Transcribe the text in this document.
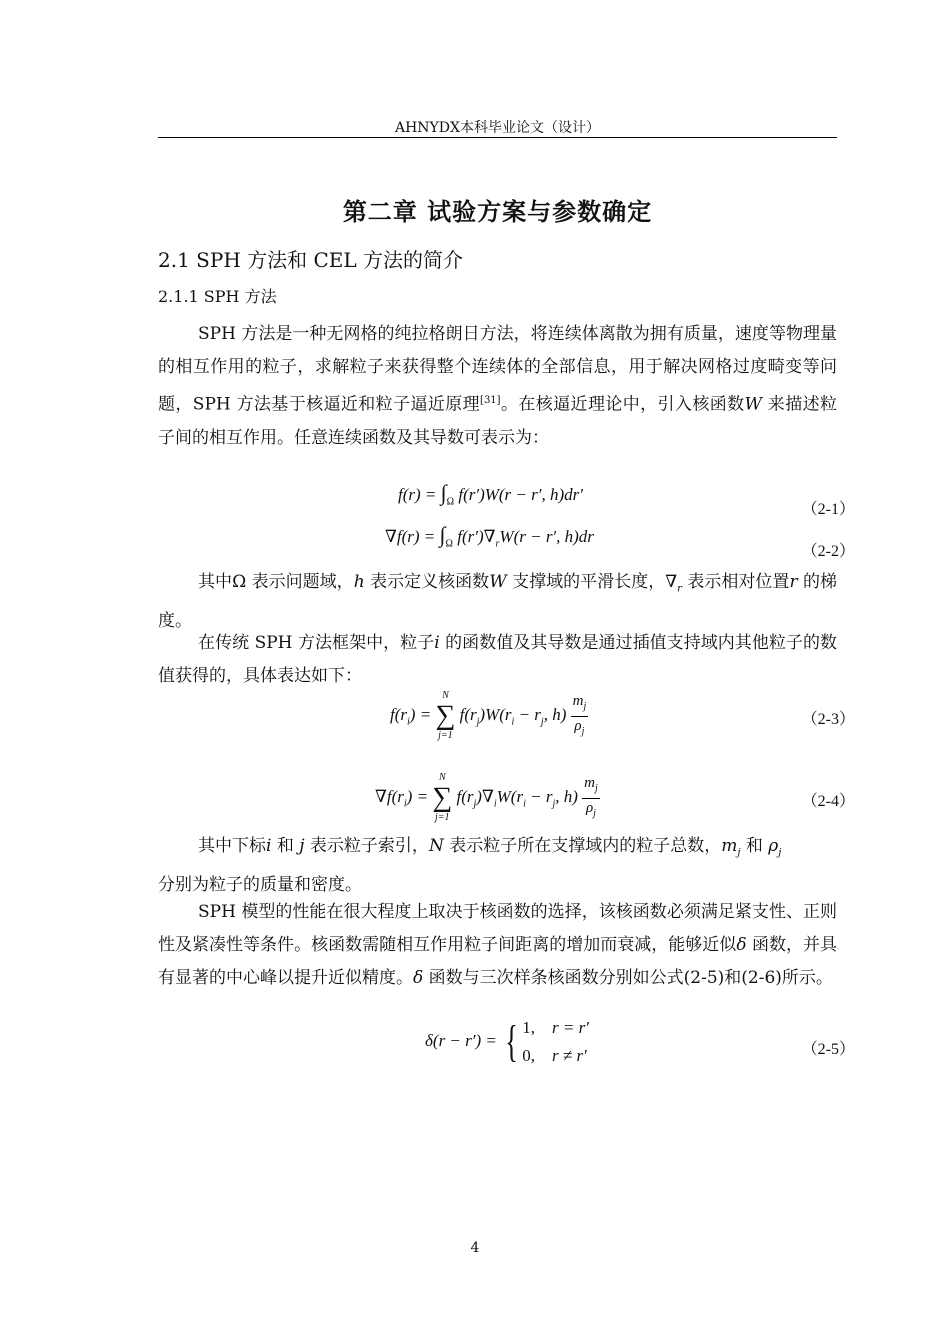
AHNYDX本科毕业论文（设计）
第二章 试验方案与参数确定
2.1 SPH 方法和 CEL 方法的简介
2.1.1 SPH 方法
SPH 方法是一种无网格的纯拉格朗日方法，将连续体离散为拥有质量，速度等物理量的相互作用的粒子，求解粒子来获得整个连续体的全部信息，用于解决网格过度畸变等问题，SPH 方法基于核逼近和粒子逼近原理[31]。在核逼近理论中，引入核函数W 来描述粒子间的相互作用。任意连续函数及其导数可表示为：
$f(r) = \int_\Omega$ f(r′)W(r − r′, h)dr′
（2-1）
$\nabla f(r) = \int_\Omega$ $f(r')\nabla_rW(r - r'$, h)dr
（2-2）
其中Ω 表示问题域，h 表示定义核函数W 支撑域的平滑长度，$\nabla_r$ 表示相对位置r 的梯度。
在传统 SPH 方法框架中，粒子i 的函数值及其导数是通过插值支持域内其他粒子的数值获得的，具体表达如下：
$f(r_i)$ =
N
∑
j=1
$f(r_j)W(r_i - r_j$, $h) \frac{m_j}{\rho_j}$	（2-3）
$\nabla f(r_i)$ =
N
∑
j=1
$f(r_j)\nabla_iW(r_i - r_j$, $h) \frac{m_j}{\rho_j}$	（2-4）
其中下标i 和 j 表示粒子索引，N 表示粒子所在支撑域内的粒子总数，$m_j$ 和 $\rho_j$
分别为粒子的质量和密度。
SPH 模型的性能在很大程度上取决于核函数的选择，该核函数必须满足紧支性、正则性及紧凑性等条件。核函数需随相互作用粒子间距离的增加而衰减，能够近似δ 函数，并具有显著的中心峰以提升近似精度。δ 函数与三次样条核函数分别如公式(2-5)和(2-6)所示。
δ(r − r′) = { 1,    r = r′
0,    r ≠ r′	（2-5）
4
